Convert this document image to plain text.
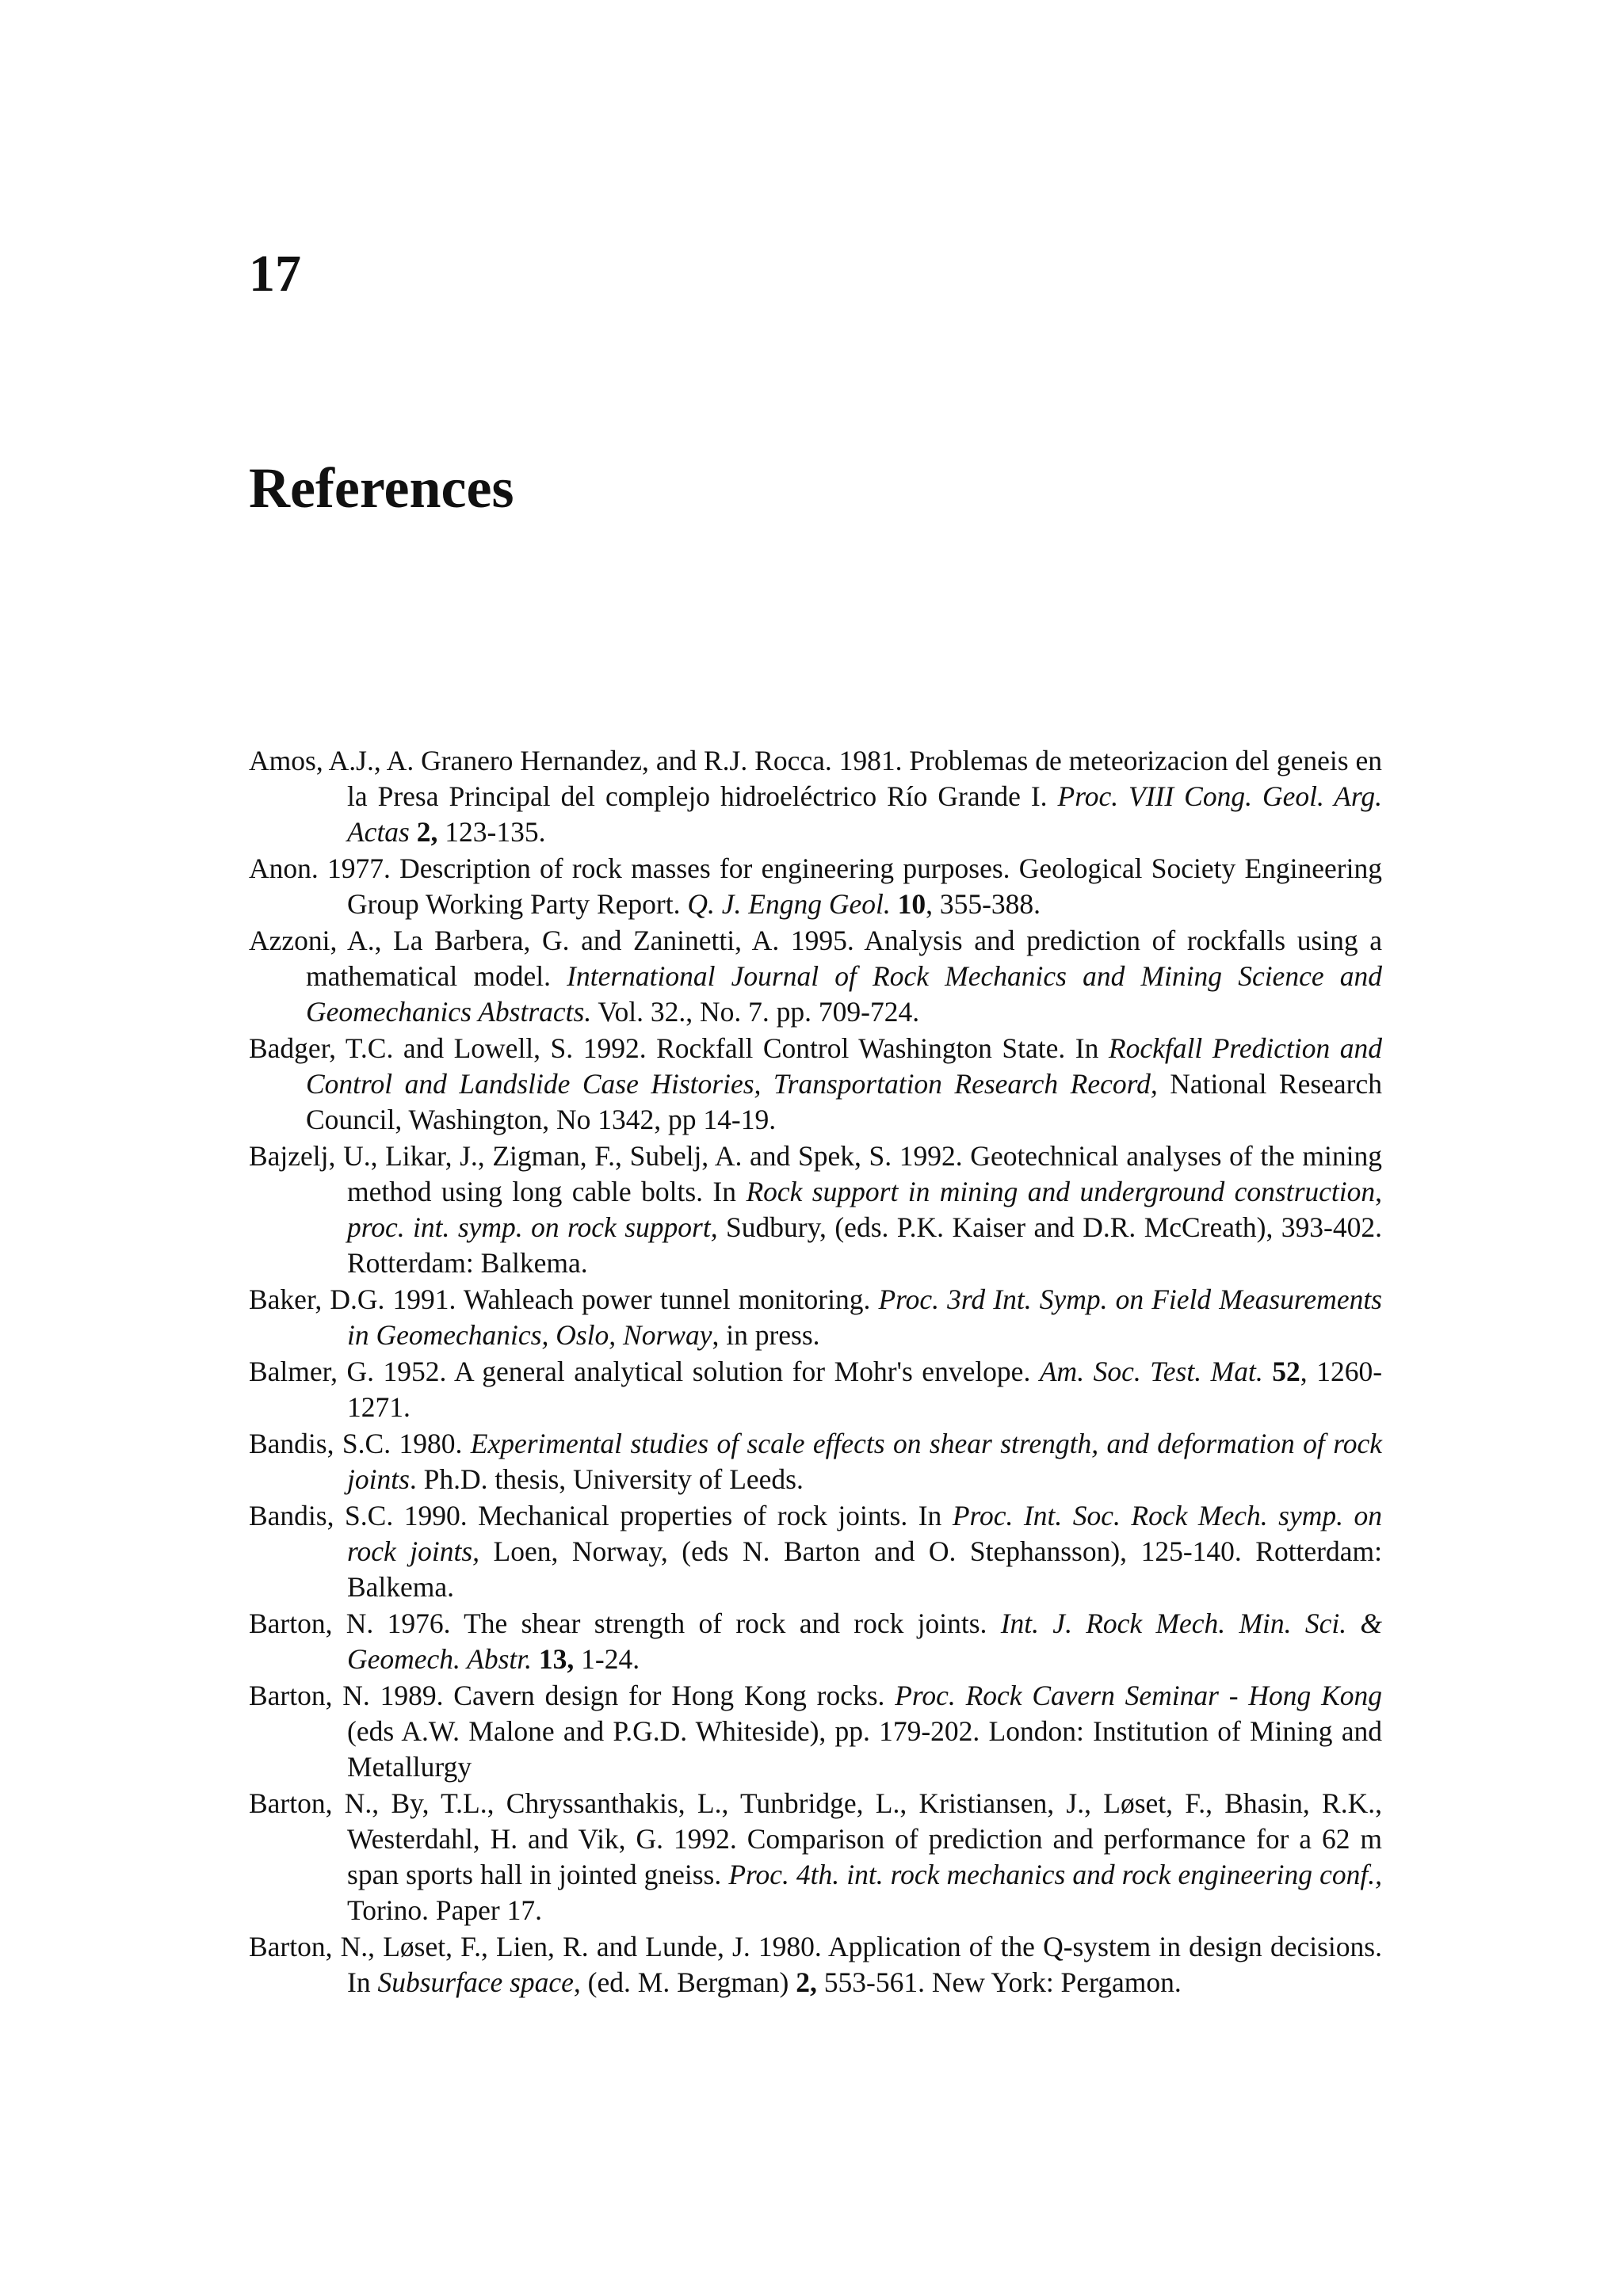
17
References
Amos, A.J., A. Granero Hernandez, and R.J. Rocca. 1981. Problemas de meteorizacion del geneis en la Presa Principal del complejo hidroeléctrico Río Grande I. Proc. VIII Cong. Geol. Arg. Actas 2, 123-135.
Anon. 1977. Description of rock masses for engineering purposes. Geological Society Engineering Group Working Party Report. Q. J. Engng Geol. 10, 355-388.
Azzoni, A., La Barbera, G. and Zaninetti, A. 1995. Analysis and prediction of rockfalls using a mathematical model. International Journal of Rock Mechanics and Mining Science and Geomechanics Abstracts. Vol. 32., No. 7. pp. 709-724.
Badger, T.C. and Lowell, S. 1992. Rockfall Control Washington State. In Rockfall Prediction and Control and Landslide Case Histories, Transportation Research Record, National Research Council, Washington, No 1342, pp 14-19.
Bajzelj, U., Likar, J., Zigman, F., Subelj, A. and Spek, S. 1992. Geotechnical analyses of the mining method using long cable bolts. In Rock support in mining and underground construction, proc. int. symp. on rock support, Sudbury, (eds. P.K. Kaiser and D.R. McCreath), 393-402. Rotterdam: Balkema.
Baker, D.G. 1991. Wahleach power tunnel monitoring. Proc. 3rd Int. Symp. on Field Measurements in Geomechanics, Oslo, Norway, in press.
Balmer, G. 1952. A general analytical solution for Mohr's envelope. Am. Soc. Test. Mat. 52, 1260-1271.
Bandis, S.C. 1980. Experimental studies of scale effects on shear strength, and deformation of rock joints. Ph.D. thesis, University of Leeds.
Bandis, S.C. 1990. Mechanical properties of rock joints. In Proc. Int. Soc. Rock Mech. symp. on rock joints, Loen, Norway, (eds N. Barton and O. Stephansson), 125-140. Rotterdam: Balkema.
Barton, N. 1976. The shear strength of rock and rock joints. Int. J. Rock Mech. Min. Sci. & Geomech. Abstr. 13, 1-24.
Barton, N. 1989. Cavern design for Hong Kong rocks. Proc. Rock Cavern Seminar - Hong Kong (eds A.W. Malone and P.G.D. Whiteside), pp. 179-202. London: Institution of Mining and Metallurgy
Barton, N., By, T.L., Chryssanthakis, L., Tunbridge, L., Kristiansen, J., Løset, F., Bhasin, R.K., Westerdahl, H. and Vik, G. 1992. Comparison of prediction and performance for a 62 m span sports hall in jointed gneiss. Proc. 4th. int. rock mechanics and rock engineering conf., Torino. Paper 17.
Barton, N., Løset, F., Lien, R. and Lunde, J. 1980. Application of the Q-system in design decisions. In Subsurface space, (ed. M. Bergman) 2, 553-561. New York: Pergamon.
